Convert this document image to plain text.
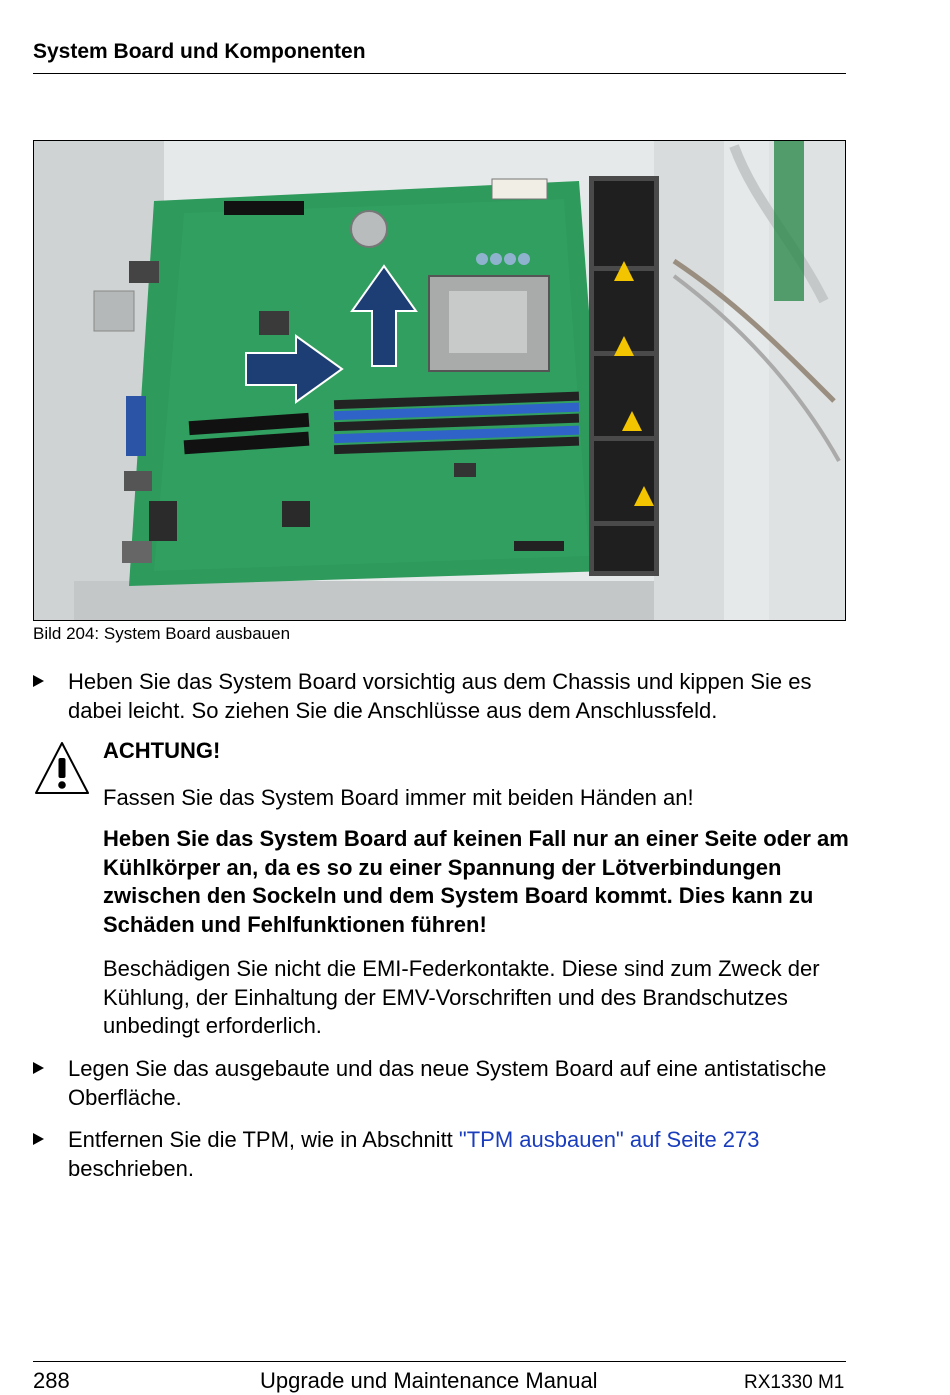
System Board und Komponenten
Bild 204: System Board ausbauen
Heben Sie das System Board vorsichtig aus dem Chassis und kippen Sie es dabei leicht. So ziehen Sie die Anschlüsse aus dem Anschlussfeld.
ACHTUNG!
Fassen Sie das System Board immer mit beiden Händen an!
Heben Sie das System Board auf keinen Fall nur an einer Seite oder am Kühlkörper an, da es so zu einer Spannung der Lötverbindungen zwischen den Sockeln und dem System Board kommt. Dies kann zu Schäden und Fehlfunktionen führen!
Beschädigen Sie nicht die EMI-Federkontakte. Diese sind zum Zweck der Kühlung, der Einhaltung der EMV-Vorschriften und des Brandschutzes unbedingt erforderlich.
Legen Sie das ausgebaute und das neue System Board auf eine antistatische Oberfläche.
Entfernen Sie die TPM, wie in Abschnitt "TPM ausbauen" auf Seite 273 beschrieben.
288	Upgrade und Maintenance Manual	RX1330 M1
